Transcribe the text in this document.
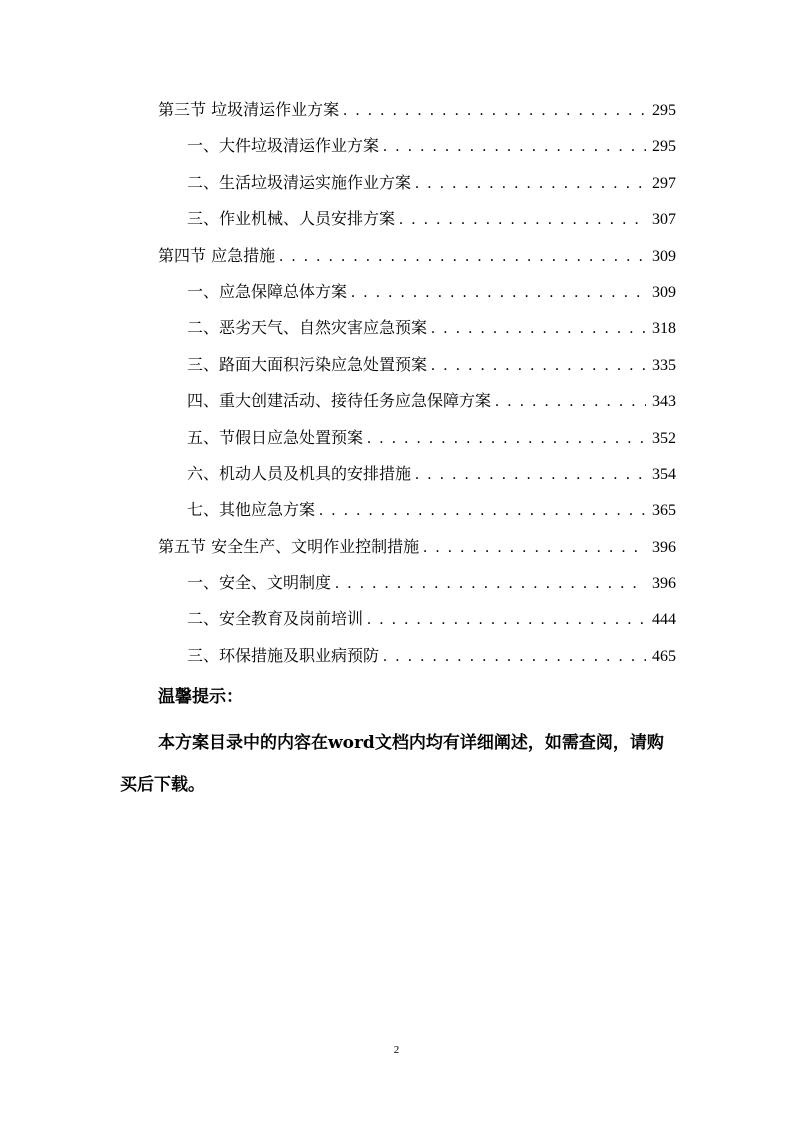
第三节 垃圾清运作业方案 . . .	295
一、大件垃圾清运作业方案 . . .	295
二、生活垃圾清运实施作业方案 . . .	297
三、作业机械、人员安排方案 . . .	307
第四节 应急措施 . . .	309
一、应急保障总体方案 . . .	309
二、恶劣天气、自然灾害应急预案 . . .	318
三、路面大面积污染应急处置预案 . . .	335
四、重大创建活动、接待任务应急保障方案 . . .	343
五、节假日应急处置预案 . . .	352
六、机动人员及机具的安排措施 . . .	354
七、其他应急方案 . . .	365
第五节 安全生产、文明作业控制措施 . . .	396
一、安全、文明制度 . . .	396
二、安全教育及岗前培训 . . .	444
三、环保措施及职业病预防 . . .	465
温馨提示：
本方案目录中的内容在word文档内均有详细阐述，如需查阅，请购买后下载。
2
